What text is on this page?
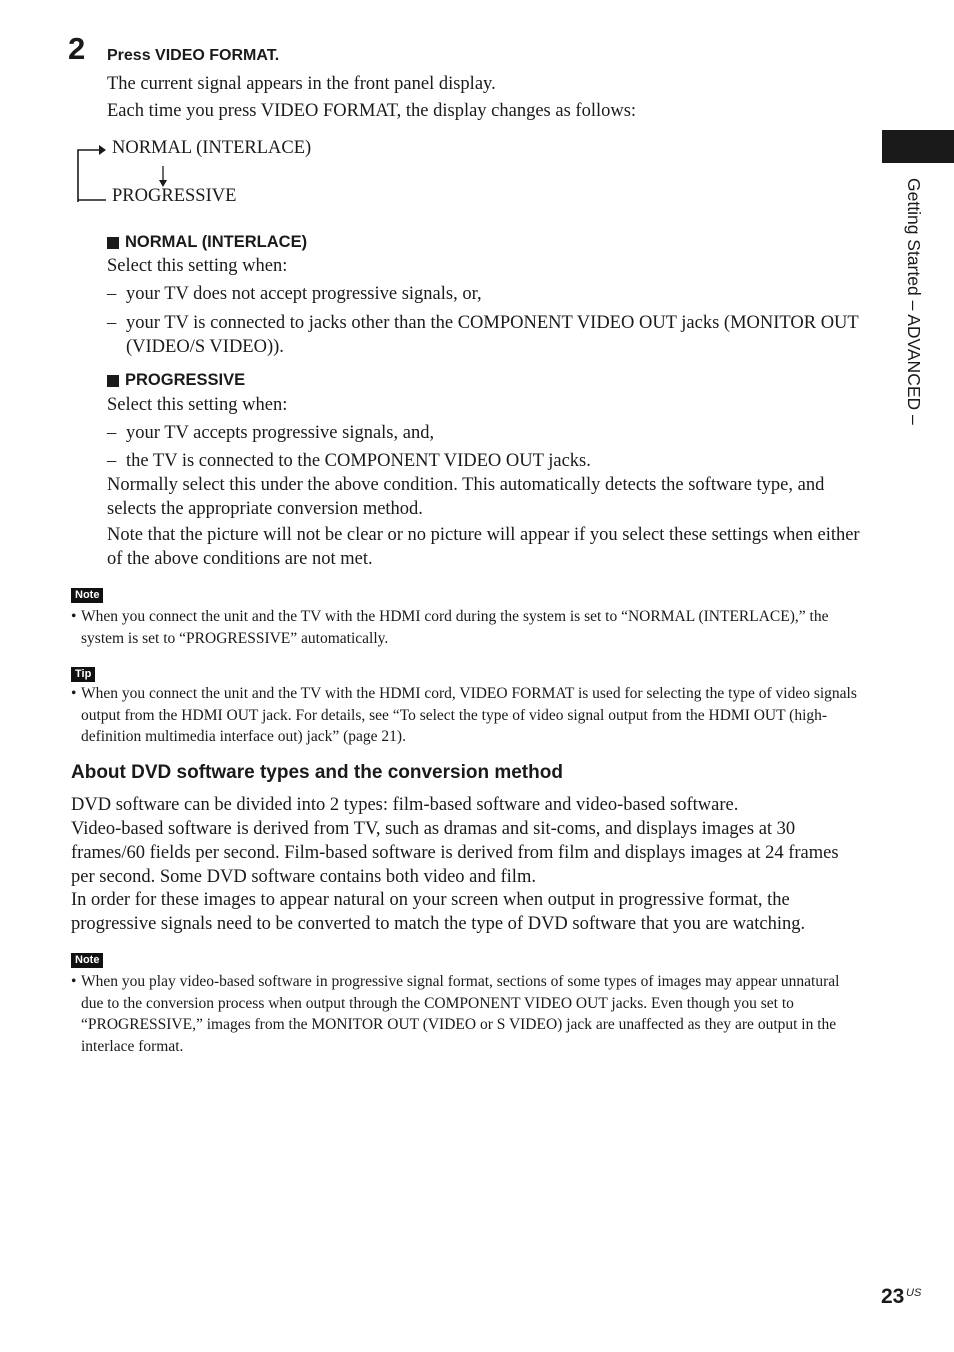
2 Press VIDEO FORMAT.
The current signal appears in the front panel display.
Each time you press VIDEO FORMAT, the display changes as follows:
NORMAL (INTERLACE)
PROGRESSIVE
NORMAL (INTERLACE)
Select this setting when:
– your TV does not accept progressive signals, or,
– your TV is connected to jacks other than the COMPONENT VIDEO OUT jacks (MONITOR OUT (VIDEO/S VIDEO)).
PROGRESSIVE
Select this setting when:
– your TV accepts progressive signals, and,
– the TV is connected to the COMPONENT VIDEO OUT jacks.
Normally select this under the above condition. This automatically detects the software type, and selects the appropriate conversion method.
Note that the picture will not be clear or no picture will appear if you select these settings when either of the above conditions are not met.
Note
• When you connect the unit and the TV with the HDMI cord during the system is set to “NORMAL (INTERLACE),” the system is set to “PROGRESSIVE” automatically.
Tip
• When you connect the unit and the TV with the HDMI cord, VIDEO FORMAT is used for selecting the type of video signals output from the HDMI OUT jack. For details, see “To select the type of video signal output from the HDMI OUT (high-definition multimedia interface out) jack” (page 21).
About DVD software types and the conversion method
DVD software can be divided into 2 types: film-based software and video-based software.
Video-based software is derived from TV, such as dramas and sit-coms, and displays images at 30 frames/60 fields per second. Film-based software is derived from film and displays images at 24 frames per second. Some DVD software contains both video and film.
In order for these images to appear natural on your screen when output in progressive format, the progressive signals need to be converted to match the type of DVD software that you are watching.
Note
• When you play video-based software in progressive signal format, sections of some types of images may appear unnatural due to the conversion process when output through the COMPONENT VIDEO OUT jacks. Even though you set to “PROGRESSIVE,” images from the MONITOR OUT (VIDEO or S VIDEO) jack are unaffected as they are output in the interlace format.
Getting Started – ADVANCED –
23 US
